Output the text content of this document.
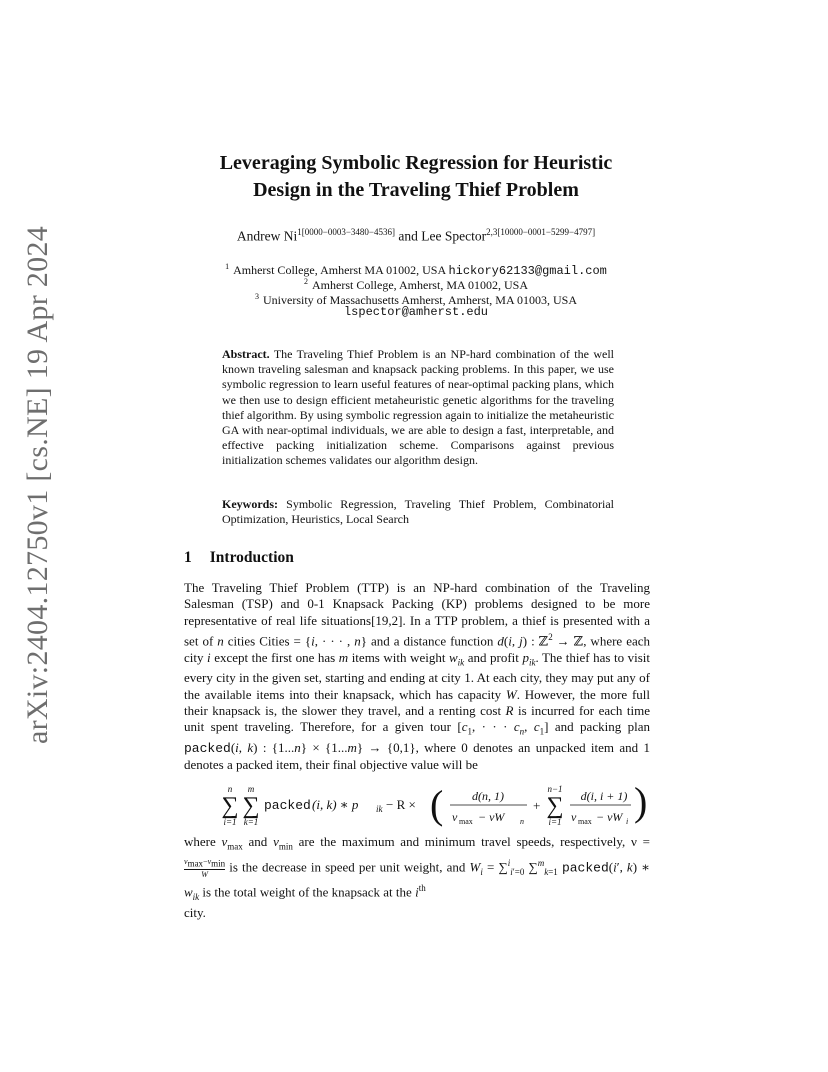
arXiv:2404.12750v1 [cs.NE] 19 Apr 2024
Leveraging Symbolic Regression for Heuristic
Design in the Traveling Thief Problem
Andrew $Ni^{1[0000-0003-3480-4536]}$ and Lee Spector$^{2,3[10000-0001-5299-4797]}$
$^1$ Amherst College, Amherst MA 01002, USA hickory62133@gmail.com
$^2$ Amherst College, Amherst, MA 01002, USA
$^3$ University of Massachusetts Amherst, Amherst, MA 01003, USA
lspector@amherst.edu
Abstract. The Traveling Thief Problem is an NP-hard combination of the well known traveling salesman and knapsack packing problems. In this paper, we use symbolic regression to learn useful features of near-optimal packing plans, which we then use to design efficient metaheuristic genetic algorithms for the traveling thief algorithm. By using symbolic regression again to initialize the metaheuristic GA with near-optimal individuals, we are able to design a fast, interpretable, and effective packing initialization scheme. Comparisons against previous initialization schemes validates our algorithm design.
Keywords: Symbolic Regression, Traveling Thief Problem, Combinatorial Optimization, Heuristics, Local Search
1 Introduction
The Traveling Thief Problem (TTP) is an NP-hard combination of the Traveling Salesman (TSP) and 0-1 Knapsack Packing (KP) problems designed to be more representative of real life situations[19,2]. In a TTP problem, a thief is presented with a set of n cities Cities = {i, · · · , n} and a distance function d(i, j) : ℤ$^2$ → ℤ, where each city i except the first one has m items with weight $w_{ik}$ and profit $p_{ik}$. The thief has to visit every city in the given set, starting and ending at city 1. At each city, they may put any of the available items into their knapsack, which has capacity W. However, the more full their knapsack is, the slower they travel, and a renting cost R is incurred for each time unit spent traveling. Therefore, for a given tour [$c_1$, · · · $c_n$, $c_1$] and packing plan packed(i, k) : {1...n} × {1...m} → {0,1}, where 0 denotes an unpacked item and 1 denotes a packed item, their final objective value will be
n
∑
i=1
m
∑
k=1
packed (i, k) ∗ p ik − R × ( d(n, 1)
v max − νW n
+
n−1
∑
i=1
d(i, i + 1)
v max − νW i )
where $v_{max}$ and $v_{min}$ are the maximum and minimum travel speeds, respectively, ν =
$v_{max}-v_{min}$
W is the decrease in speed per unit weight, and $W_i = \sum^i_{i'=0}$ ∑$^m_{k=1}$ packed(i′, k) ∗ $w_{ik}$ is the total weight of the knapsack at the $i^{th}$
city.
